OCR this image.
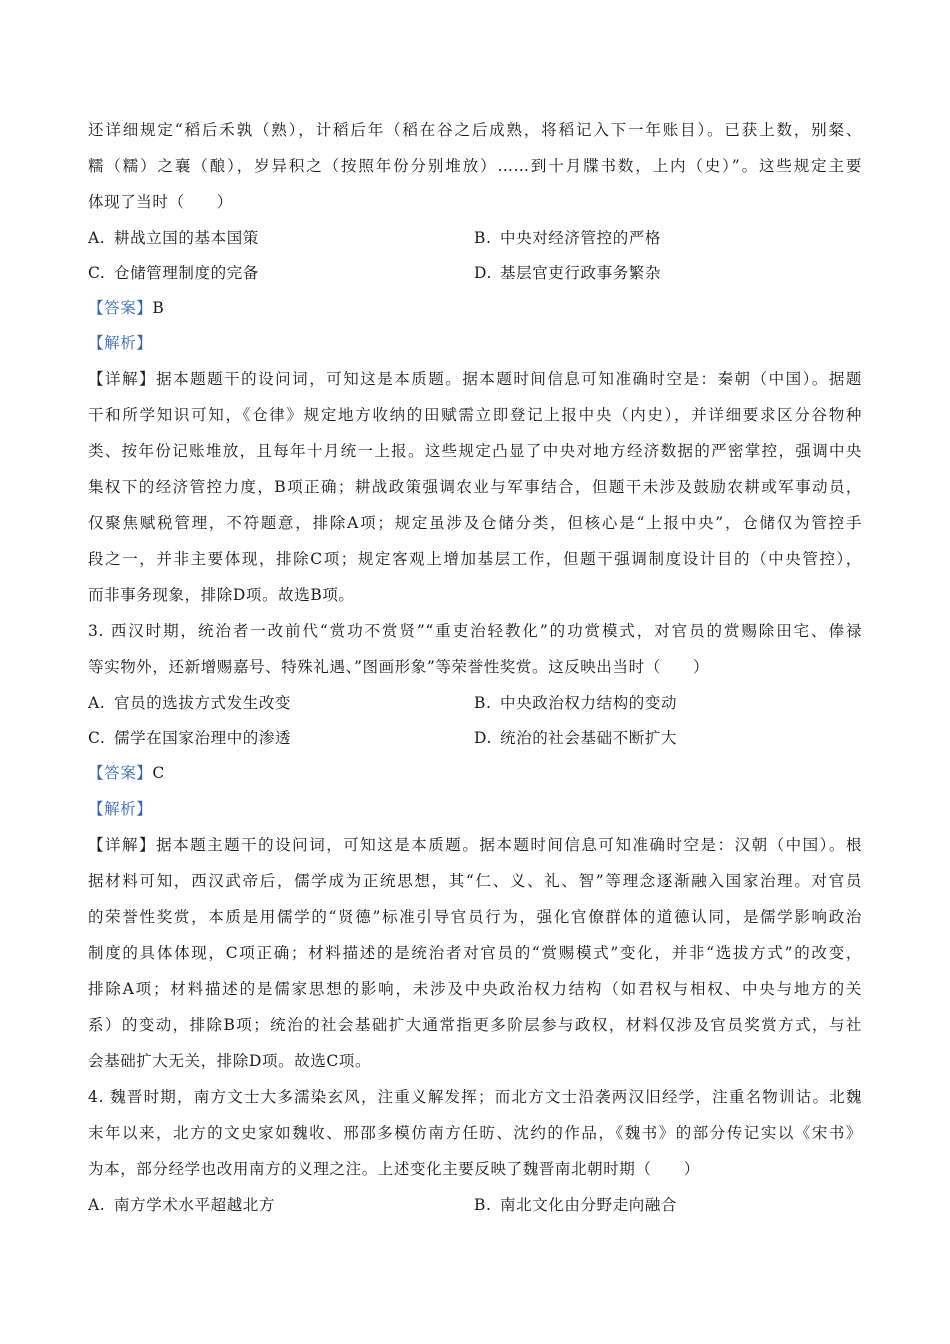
还详细规定“稻后禾孰（熟），计稻后年（稻在谷之后成熟，将稻记入下一年账目）。已获上数，别粲、
糯（糯）之襄（酿），岁异积之（按照年份分别堆放）……到十月牒书数，上内（史）”。这些规定主要
体现了当时（　　）
A. 耕战立国的基本国策	B. 中央对经济管控的严格
C. 仓储管理制度的完备	D. 基层官吏行政事务繁杂
【答案】B
【解析】
【详解】据本题题干的设问词，可知这是本质题。据本题时间信息可知准确时空是：秦朝（中国）。据题
干和所学知识可知，《仓律》规定地方收纳的田赋需立即登记上报中央（内史），并详细要求区分谷物种
类、按年份记账堆放，且每年十月统一上报。这些规定凸显了中央对地方经济数据的严密掌控，强调中央
集权下的经济管控力度，B项正确；耕战政策强调农业与军事结合，但题干未涉及鼓励农耕或军事动员，
仅聚焦赋税管理，不符题意，排除A项；规定虽涉及仓储分类，但核心是“上报中央”，仓储仅为管控手
段之一，并非主要体现，排除C项；规定客观上增加基层工作，但题干强调制度设计目的（中央管控），
而非事务现象，排除D项。故选B项。
3. 西汉时期，统治者一改前代“赏功不赏贤”“重吏治轻教化”的功赏模式，对官员的赏赐除田宅、俸禄
等实物外，还新增赐嘉号、特殊礼遇、”图画形象”等荣誉性奖赏。这反映出当时（　　）
A. 官员的选拔方式发生改变	B. 中央政治权力结构的变动
C. 儒学在国家治理中的渗透	D. 统治的社会基础不断扩大
【答案】C
【解析】
【详解】据本题主题干的设问词，可知这是本质题。据本题时间信息可知准确时空是：汉朝（中国）。根
据材料可知，西汉武帝后，儒学成为正统思想，其“仁、义、礼、智”等理念逐渐融入国家治理。对官员
的荣誉性奖赏，本质是用儒学的“贤德”标准引导官员行为，强化官僚群体的道德认同，是儒学影响政治
制度的具体体现，C项正确；材料描述的是统治者对官员的“赏赐模式”变化，并非“选拔方式”的改变，
排除A项；材料描述的是儒家思想的影响，未涉及中央政治权力结构（如君权与相权、中央与地方的关
系）的变动，排除B项；统治的社会基础扩大通常指更多阶层参与政权，材料仅涉及官员奖赏方式，与社
会基础扩大无关，排除D项。故选C项。
4. 魏晋时期，南方文士大多濡染玄风，注重义解发挥；而北方文士沿袭两汉旧经学，注重名物训诂。北魏
末年以来，北方的文史家如魏收、邢邵多模仿南方任昉、沈约的作品，《魏书》的部分传记实以《宋书》
为本，部分经学也改用南方的义理之注。上述变化主要反映了魏晋南北朝时期（　　）
A. 南方学术水平超越北方	B. 南北文化由分野走向融合
